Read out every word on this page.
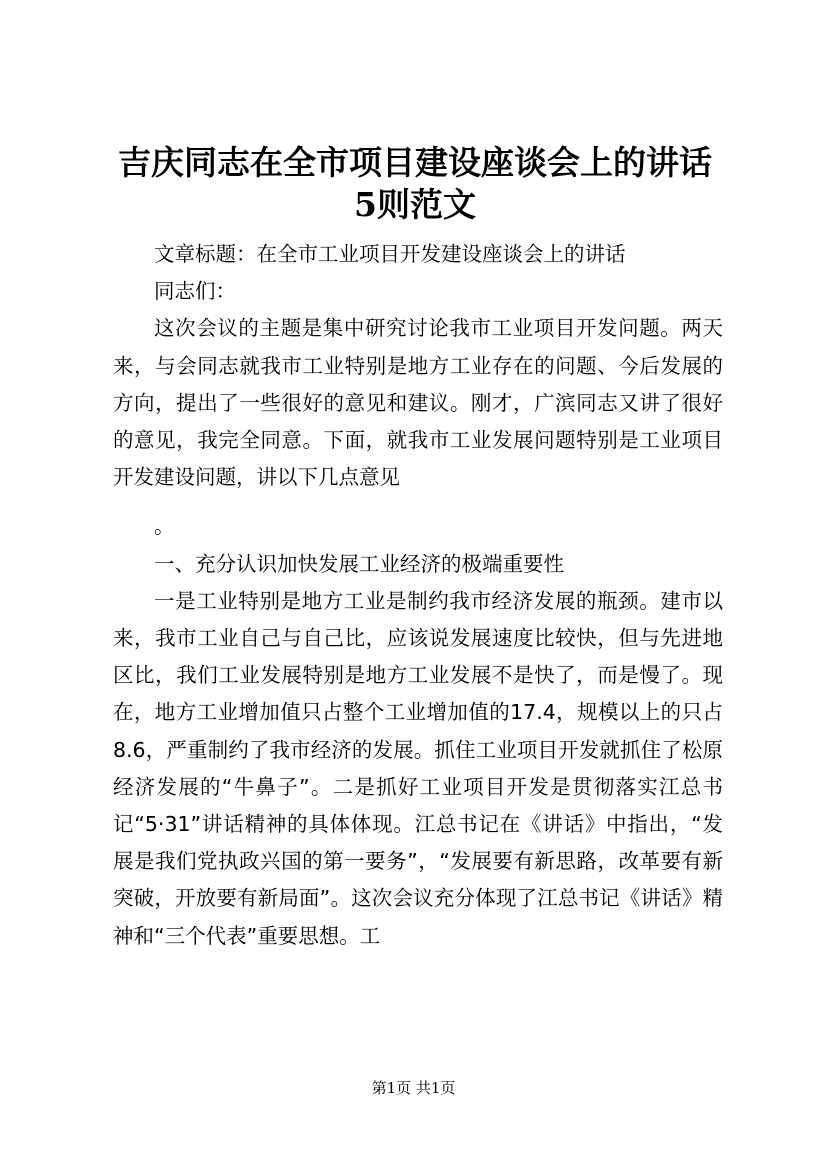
吉庆同志在全市项目建设座谈会上的讲话5则范文

文章标题：在全市工业项目开发建设座谈会上的讲话

同志们：

这次会议的主题是集中研究讨论我市工业项目开发问题。两天来，与会同志就我市工业特别是地方工业存在的问题、今后发展的方向，提出了一些很好的意见和建议。刚才，广滨同志又讲了很好的意见，我完全同意。下面，就我市工业发展问题特别是工业项目开发建设问题，讲以下几点意见

。

一、充分认识加快发展工业经济的极端重要性

一是工业特别是地方工业是制约我市经济发展的瓶颈。建市以来，我市工业自己与自己比，应该说发展速度比较快，但与先进地区比，我们工业发展特别是地方工业发展不是快了，而是慢了。现在，地方工业增加值只占整个工业增加值的17.4，规模以上的只占8.6，严重制约了我市经济的发展。抓住工业项目开发就抓住了松原经济发展的“牛鼻子”。二是抓好工业项目开发是贯彻落实江总书记“5·31”讲话精神的具体体现。江总书记在《讲话》中指出，“发展是我们党执政兴国的第一要务”，“发展要有新思路，改革要有新突破，开放要有新局面”。这次会议充分体现了江总书记《讲话》精神和“三个代表”重要思想。工

第1页 共1页
